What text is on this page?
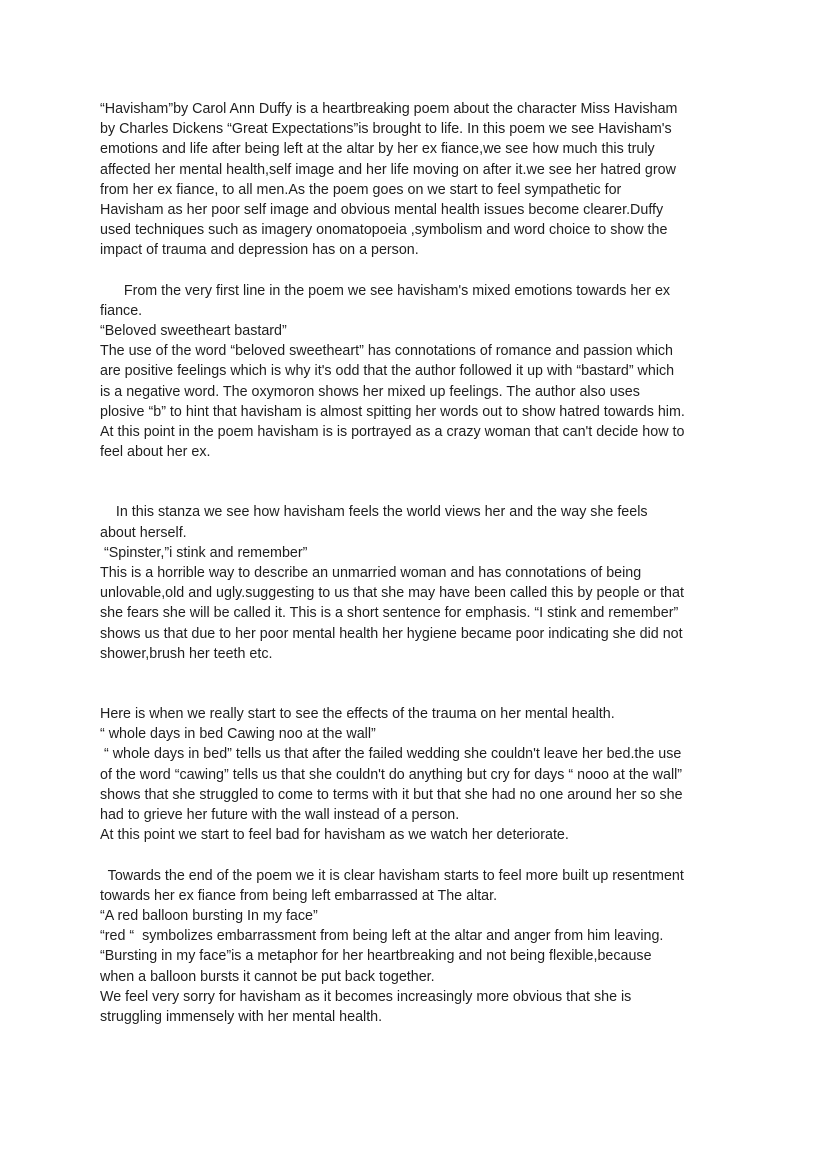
“Havisham”by Carol Ann Duffy is a heartbreaking poem about the character Miss Havisham
by Charles Dickens “Great Expectations”is brought to life. In this poem we see Havisham's
emotions and life after being left at the altar by her ex fiance,we see how much this truly
affected her mental health,self image and her life moving on after it.we see her hatred grow
from her ex fiance, to all men.As the poem goes on we start to feel sympathetic for
Havisham as her poor self image and obvious mental health issues become clearer.Duffy
used techniques such as imagery onomatopoeia ,symbolism and word choice to show the
impact of trauma and depression has on a person.
From the very first line in the poem we see havisham's mixed emotions towards her ex
fiance.
“Beloved sweetheart bastard”
The use of the word “beloved sweetheart” has connotations of romance and passion which
are positive feelings which is why it's odd that the author followed it up with “bastard” which
is a negative word. The oxymoron shows her mixed up feelings. The author also uses
plosive “b” to hint that havisham is almost spitting her words out to show hatred towards him.
At this point in the poem havisham is is portrayed as a crazy woman that can't decide how to
feel about her ex.
In this stanza we see how havisham feels the world views her and the way she feels
about herself.
“Spinster,”i stink and remember”
This is a horrible way to describe an unmarried woman and has connotations of being
unlovable,old and ugly.suggesting to us that she may have been called this by people or that
she fears she will be called it. This is a short sentence for emphasis. “I stink and remember”
shows us that due to her poor mental health her hygiene became poor indicating she did not
shower,brush her teeth etc.
Here is when we really start to see the effects of the trauma on her mental health.
“ whole days in bed Cawing noo at the wall”
“ whole days in bed” tells us that after the failed wedding she couldn't leave her bed.the use
of the word “cawing” tells us that she couldn't do anything but cry for days “ nooo at the wall”
shows that she struggled to come to terms with it but that she had no one around her so she
had to grieve her future with the wall instead of a person.
At this point we start to feel bad for havisham as we watch her deteriorate.
Towards the end of the poem we it is clear havisham starts to feel more built up resentment
towards her ex fiance from being left embarrassed at The altar.
“A red balloon bursting In my face”
“red “  symbolizes embarrassment from being left at the altar and anger from him leaving.
“Bursting in my face”is a metaphor for her heartbreaking and not being flexible,because
when a balloon bursts it cannot be put back together.
We feel very sorry for havisham as it becomes increasingly more obvious that she is
struggling immensely with her mental health.
